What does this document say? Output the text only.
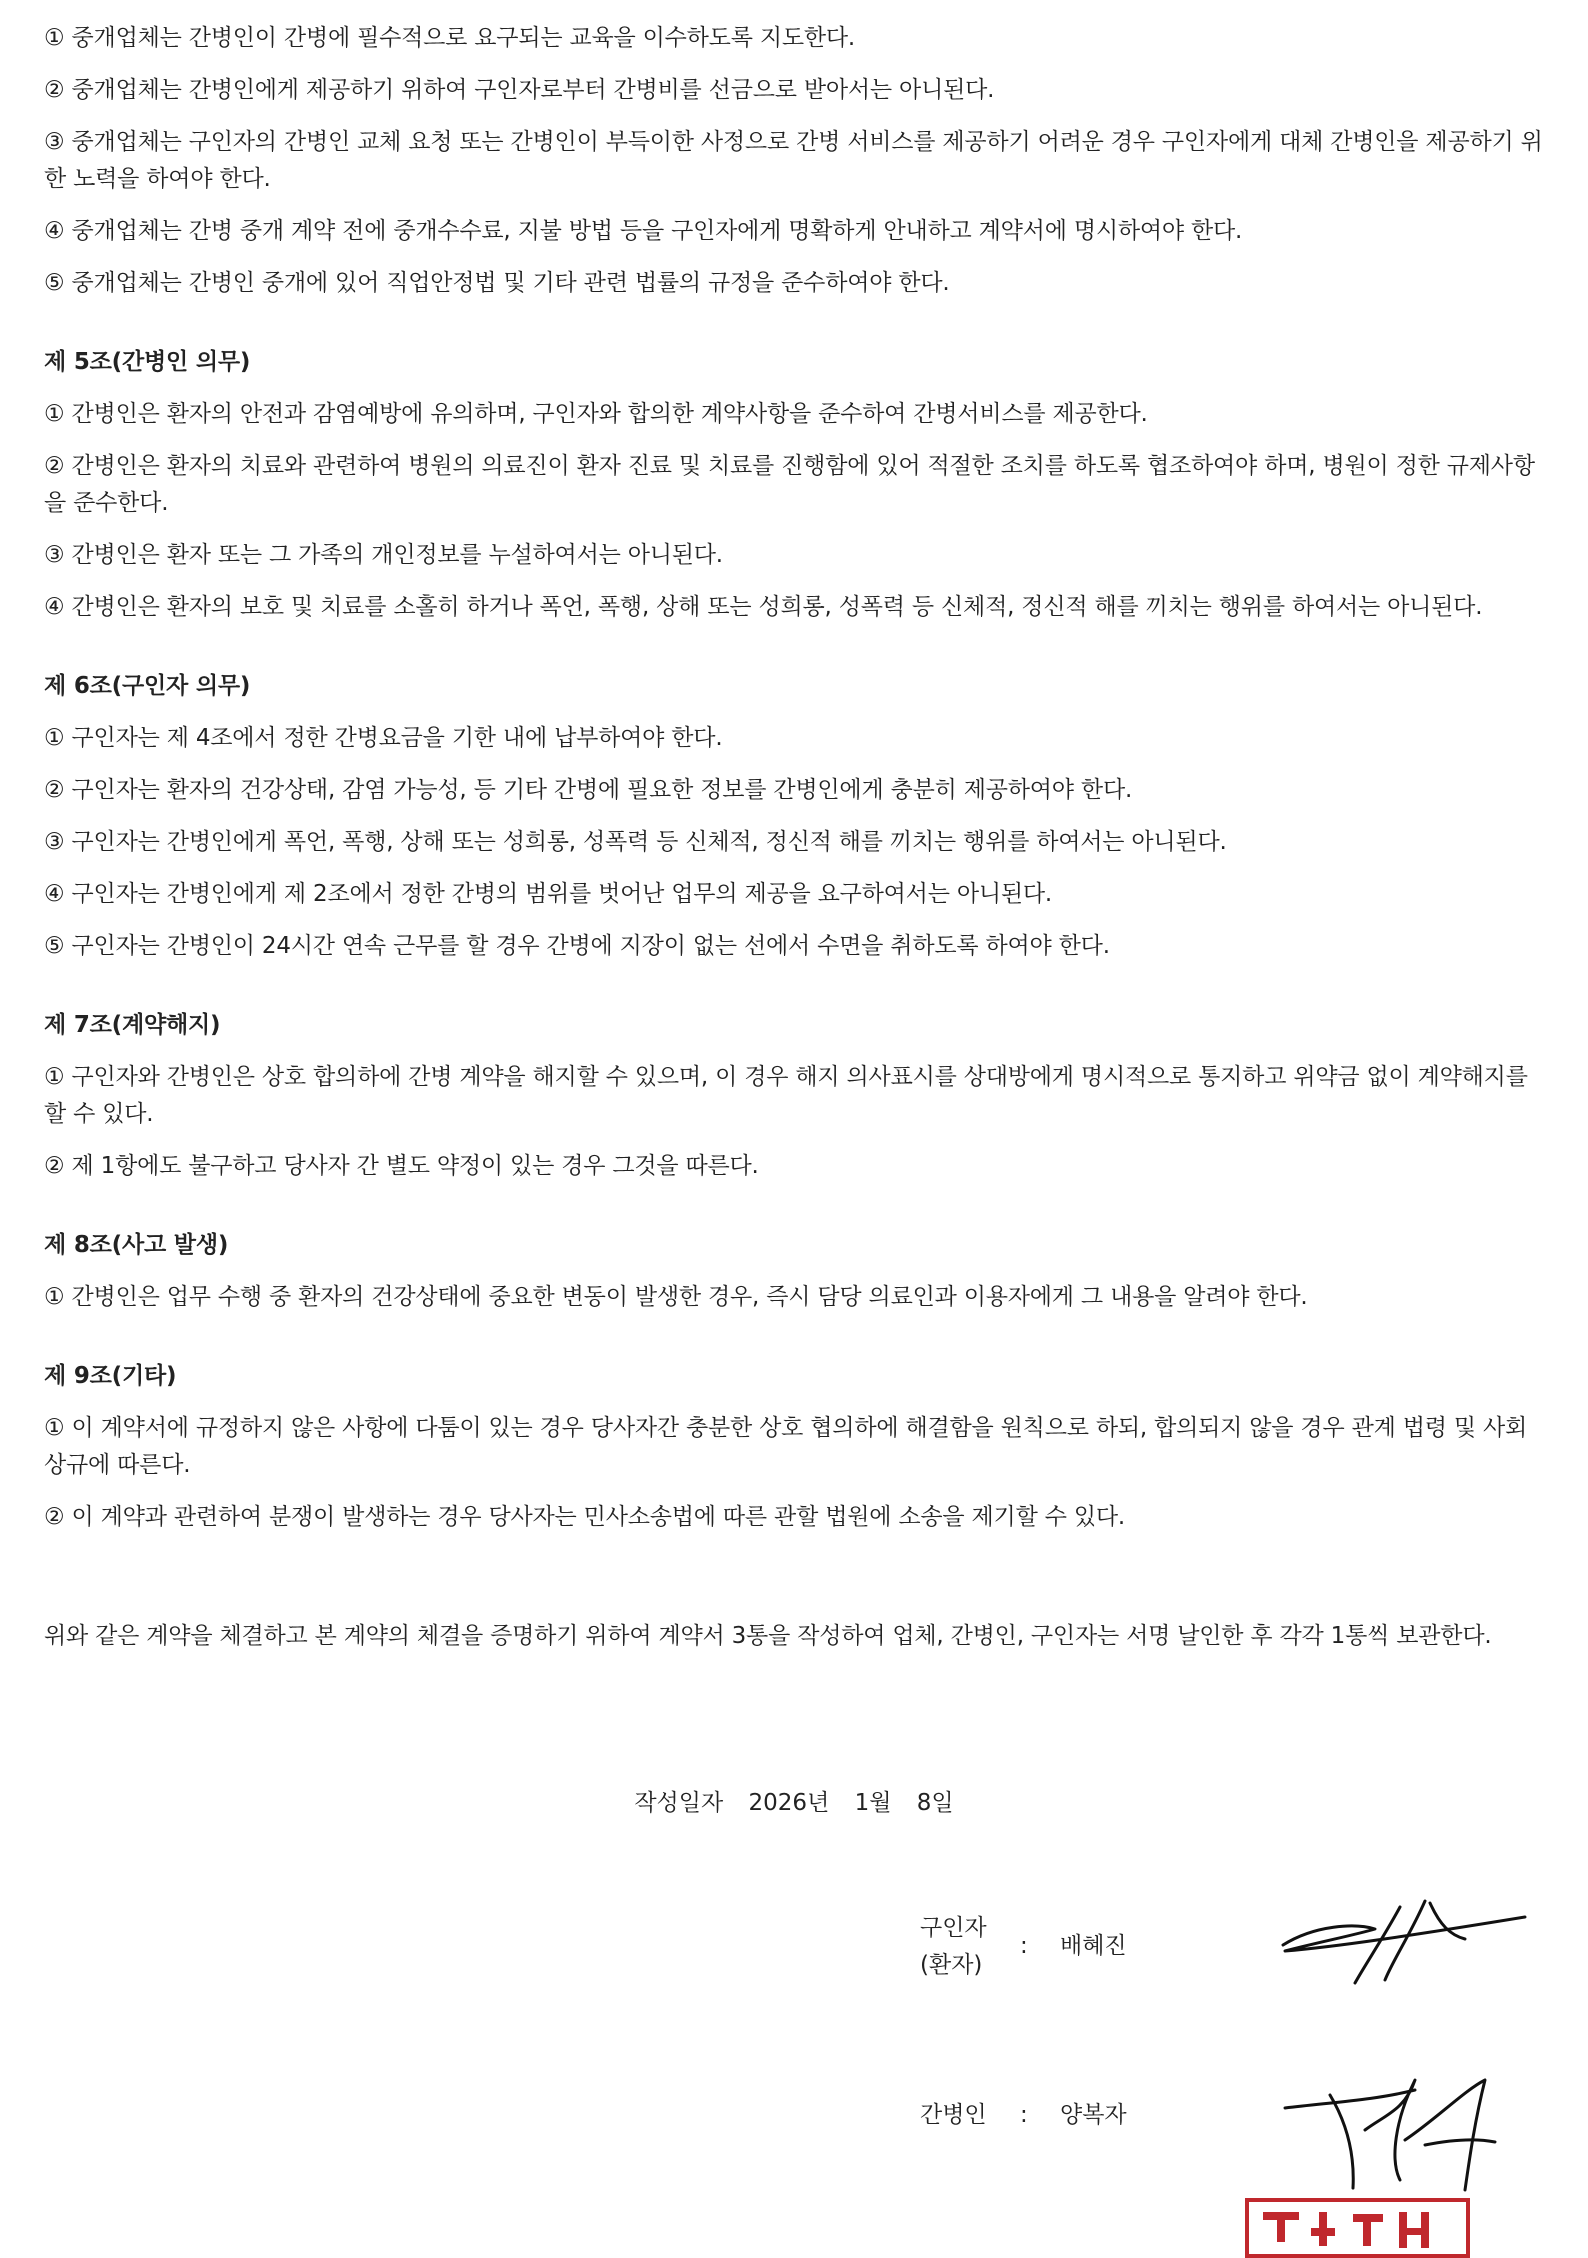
① 중개업체는 간병인이 간병에 필수적으로 요구되는 교육을 이수하도록 지도한다.

② 중개업체는 간병인에게 제공하기 위하여 구인자로부터 간병비를 선금으로 받아서는 아니된다.

③ 중개업체는 구인자의 간병인 교체 요청 또는 간병인이 부득이한 사정으로 간병 서비스를 제공하기 어려운 경우 구인자에게 대체 간병인을 제공하기 위한 노력을 하여야 한다.

④ 중개업체는 간병 중개 계약 전에 중개수수료, 지불 방법 등을 구인자에게 명확하게 안내하고 계약서에 명시하여야 한다.

⑤ 중개업체는 간병인 중개에 있어 직업안정법 및 기타 관련 법률의 규정을 준수하여야 한다.

제 5조(간병인 의무)

① 간병인은 환자의 안전과 감염예방에 유의하며, 구인자와 합의한 계약사항을 준수하여 간병서비스를 제공한다.

② 간병인은 환자의 치료와 관련하여 병원의 의료진이 환자 진료 및 치료를 진행함에 있어 적절한 조치를 하도록 협조하여야 하며, 병원이 정한 규제사항을 준수한다.

③ 간병인은 환자 또는 그 가족의 개인정보를 누설하여서는 아니된다.

④ 간병인은 환자의 보호 및 치료를 소홀히 하거나 폭언, 폭행, 상해 또는 성희롱, 성폭력 등 신체적, 정신적 해를 끼치는 행위를 하여서는 아니된다.

제 6조(구인자 의무)

① 구인자는 제 4조에서 정한 간병요금을 기한 내에 납부하여야 한다.

② 구인자는 환자의 건강상태, 감염 가능성, 등 기타 간병에 필요한 정보를 간병인에게 충분히 제공하여야 한다.

③ 구인자는 간병인에게 폭언, 폭행, 상해 또는 성희롱, 성폭력 등 신체적, 정신적 해를 끼치는 행위를 하여서는 아니된다.

④ 구인자는 간병인에게 제 2조에서 정한 간병의 범위를 벗어난 업무의 제공을 요구하여서는 아니된다.

⑤ 구인자는 간병인이 24시간 연속 근무를 할 경우 간병에 지장이 없는 선에서 수면을 취하도록 하여야 한다.

제 7조(계약해지)

① 구인자와 간병인은 상호 합의하에 간병 계약을 해지할 수 있으며, 이 경우 해지 의사표시를 상대방에게 명시적으로 통지하고 위약금 없이 계약해지를 할 수 있다.

② 제 1항에도 불구하고 당사자 간 별도 약정이 있는 경우 그것을 따른다.

제 8조(사고 발생)

① 간병인은 업무 수행 중 환자의 건강상태에 중요한 변동이 발생한 경우, 즉시 담당 의료인과 이용자에게 그 내용을 알려야 한다.

제 9조(기타)

① 이 계약서에 규정하지 않은 사항에 다툼이 있는 경우 당사자간 충분한 상호 협의하에 해결함을 원칙으로 하되, 합의되지 않을 경우 관계 법령 및 사회상규에 따른다.

② 이 계약과 관련하여 분쟁이 발생하는 경우 당사자는 민사소송법에 따른 관할 법원에 소송을 제기할 수 있다.

위와 같은 계약을 체결하고 본 계약의 체결을 증명하기 위하여 계약서 3통을 작성하여 업체, 간병인, 구인자는 서명 날인한 후 각각 1통씩 보관한다.

작성일자 2026년 1월 8일
구인자
(환자)
: 배혜진
간병인 : 양복자
